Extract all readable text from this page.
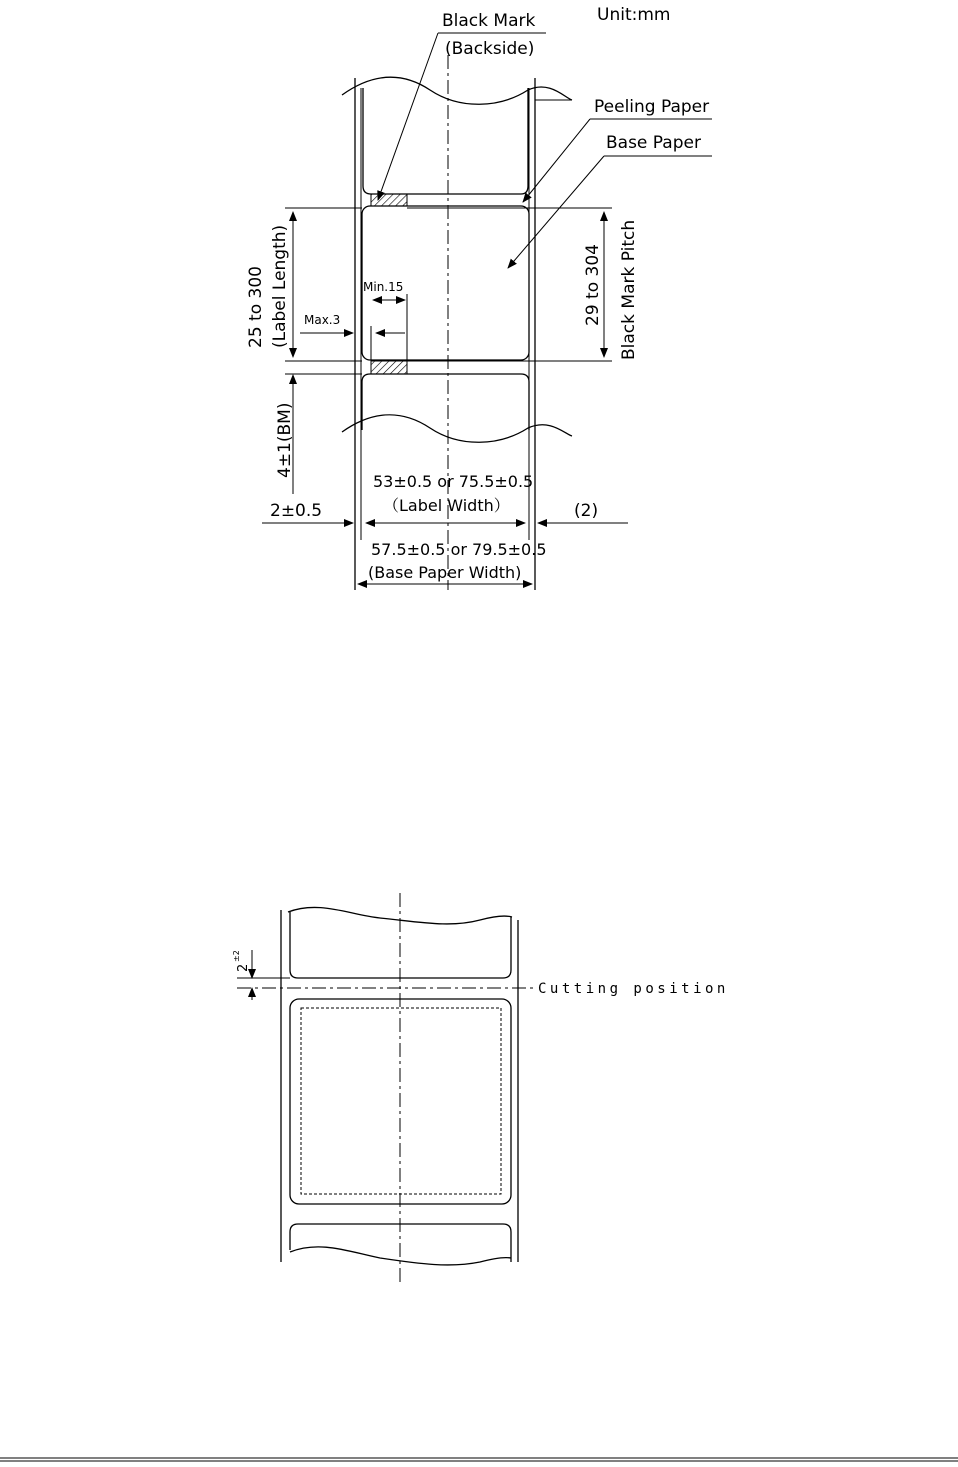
Black Mark
(Backside)
Unit:mm
Peeling Paper
Base Paper
25 to 300 (Label Length)
4±1(BM)
29 to 304 Black Mark Pitch
Min.15
Max.3
53±0.5 or 75.5±0.5
（Label Width）
2±0.5	(2)
57.5±0.5 or 79.5±0.5
(Base Paper Width)
Cutting position
2
±2
